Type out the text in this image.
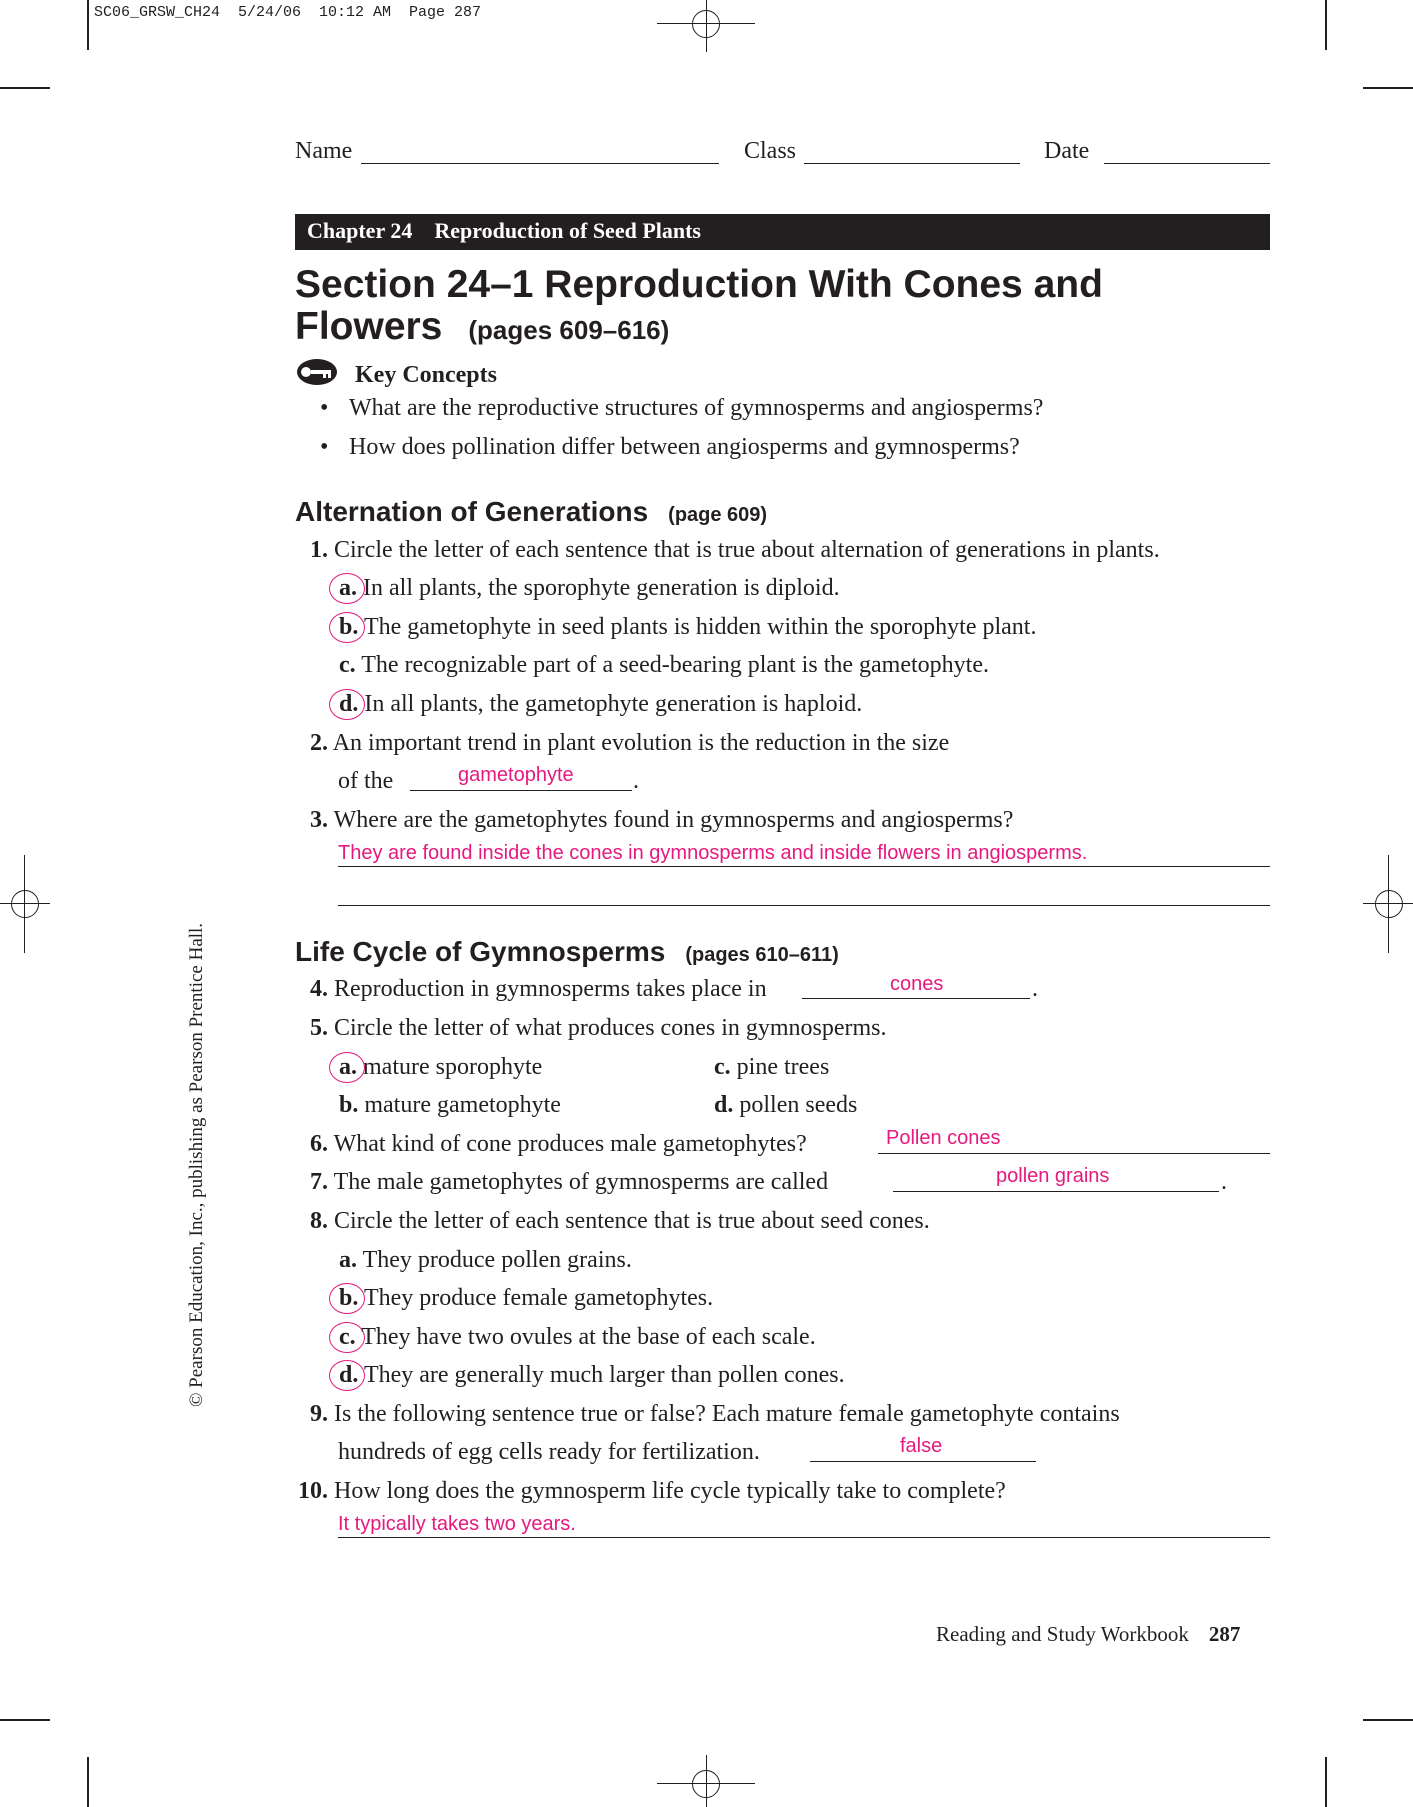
SC06_GRSW_CH24  5/24/06  10:12 AM  Page 287
Name	Class	Date
Chapter 24 Reproduction of Seed Plants
Section 24–1 Reproduction With Cones and
Flowers (pages 609–616)
Key Concepts
• What are the reproductive structures of gymnosperms and angiosperms?
• How does pollination differ between angiosperms and gymnosperms?
Alternation of Generations (page 609)
1. Circle the letter of each sentence that is true about alternation of generations in plants.
a. In all plants, the sporophyte generation is diploid.
b. The gametophyte in seed plants is hidden within the sporophyte plant.
c. The recognizable part of a seed-bearing plant is the gametophyte.
d. In all plants, the gametophyte generation is haploid.
2. An important trend in plant evolution is the reduction in the size
of the	.
gametophyte
3. Where are the gametophytes found in gymnosperms and angiosperms?
They are found inside the cones in gymnosperms and inside flowers in angiosperms.
Life Cycle of Gymnosperms (pages 610–611)
4. Reproduction in gymnosperms takes place in	.
cones
5. Circle the letter of what produces cones in gymnosperms.
a. mature sporophyte	c. pine trees
b. mature gametophyte	d. pollen seeds
6. What kind of cone produces male gametophytes?	Pollen cones
7. The male gametophytes of gymnosperms are called	.
pollen grains
8. Circle the letter of each sentence that is true about seed cones.
a. They produce pollen grains.
b. They produce female gametophytes.
c. They have two ovules at the base of each scale.
d. They are generally much larger than pollen cones.
9. Is the following sentence true or false? Each mature female gametophyte contains
hundreds of egg cells ready for fertilization.	false
10. How long does the gymnosperm life cycle typically take to complete?
It typically takes two years.
© Pearson Education, Inc., publishing as Pearson Prentice Hall.
Reading and Study Workbook 287
